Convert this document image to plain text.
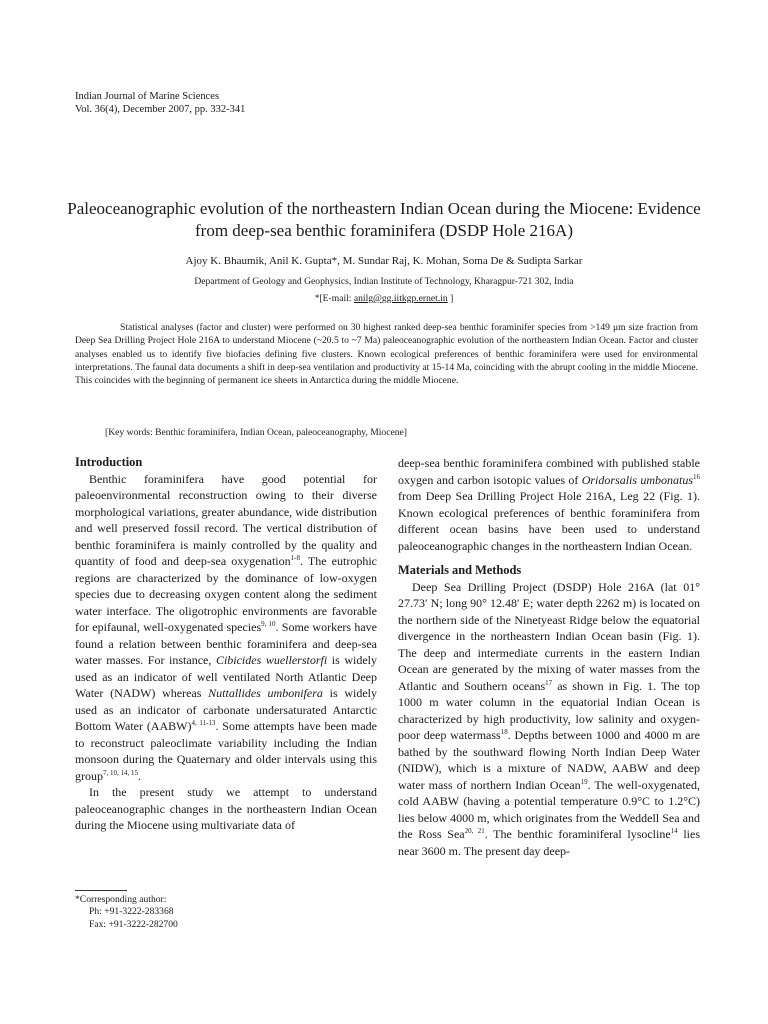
Indian Journal of Marine Sciences
Vol. 36(4), December 2007, pp. 332-341
Paleoceanographic evolution of the northeastern Indian Ocean during the Miocene: Evidence from deep-sea benthic foraminifera (DSDP Hole 216A)
Ajoy K. Bhaumik, Anil K. Gupta*, M. Sundar Raj, K. Mohan, Soma De & Sudipta Sarkar
Department of Geology and Geophysics, Indian Institute of Technology, Kharagpur-721 302, India
*[E-mail: anilg@gg.iitkgp.ernet.in ]

Statistical analyses (factor and cluster) were performed on 30 highest ranked deep-sea benthic foraminifer species from >149 μm size fraction from Deep Sea Drilling Project Hole 216A to understand Miocene (~20.5 to ~7 Ma) paleoceanographic evolution of the northeastern Indian Ocean. Factor and cluster analyses enabled us to identify five biofacies defining five clusters. Known ecological preferences of benthic foraminifera were used for environmental interpretations. The faunal data documents a shift in deep-sea ventilation and productivity at 15-14 Ma, coinciding with the abrupt cooling in the middle Miocene. This coincides with the beginning of permanent ice sheets in Antarctica during the middle Miocene.

[Key words: Benthic foraminifera, Indian Ocean, paleoceanography, Miocene]
Introduction

Benthic foraminifera have good potential for paleoenvironmental reconstruction owing to their diverse morphological variations, greater abundance, wide distribution and well preserved fossil record. The vertical distribution of benthic foraminifera is mainly controlled by the quality and quantity of food and deep-sea oxygenation$^{1-8}$. The eutrophic regions are characterized by the dominance of low-oxygen species due to decreasing oxygen content along the sediment water interface. The oligotrophic environments are favorable for epifaunal, well-oxygenated species$^{9, 10}$. Some workers have found a relation between benthic foraminifera and deep-sea water masses. For instance, Cibicides wuellerstorfi is widely used as an indicator of well ventilated North Atlantic Deep Water (NADW) whereas Nuttallides umbonifera is widely used as an indicator of carbonate undersaturated Antarctic Bottom Water (AABW)$^{4, 11-13}$. Some attempts have been made to reconstruct paleoclimate variability including the Indian monsoon during the Quaternary and older intervals using this group$^{7, 10, 14, 15}$.

In the present study we attempt to understand paleoceanographic changes in the northeastern Indian Ocean during the Miocene using multivariate data of

deep-sea benthic foraminifera combined with published stable oxygen and carbon isotopic values of Oridorsalis umbonatus$^{16}$ from Deep Sea Drilling Project Hole 216A, Leg 22 (Fig. 1). Known ecological preferences of benthic foraminifera from different ocean basins have been used to understand paleoceanographic changes in the northeastern Indian Ocean.

Materials and Methods

Deep Sea Drilling Project (DSDP) Hole 216A (lat 01° 27.73′ N; long 90° 12.48′ E; water depth 2262 m) is located on the northern side of the Ninetyeast Ridge below the equatorial divergence in the northeastern Indian Ocean basin (Fig. 1). The deep and intermediate currents in the eastern Indian Ocean are generated by the mixing of water masses from the Atlantic and Southern oceans$^{17}$ as shown in Fig. 1. The top 1000 m water column in the equatorial Indian Ocean is characterized by high productivity, low salinity and oxygen-poor deep watermass$^{18}$. Depths between 1000 and 4000 m are bathed by the southward flowing North Indian Deep Water (NIDW), which is a mixture of NADW, AABW and deep water mass of northern Indian Ocean$^{19}$. The well-oxygenated, cold AABW (having a potential temperature 0.9°C to 1.2°C) lies below 4000 m, which originates from the Weddell Sea and the Ross Sea$^{20, 21}$. The benthic foraminiferal lysocline$^{14}$ lies near 3600 m. The present day deep-

*Corresponding author:
Ph: +91-3222-283368
Fax: +91-3222-282700
